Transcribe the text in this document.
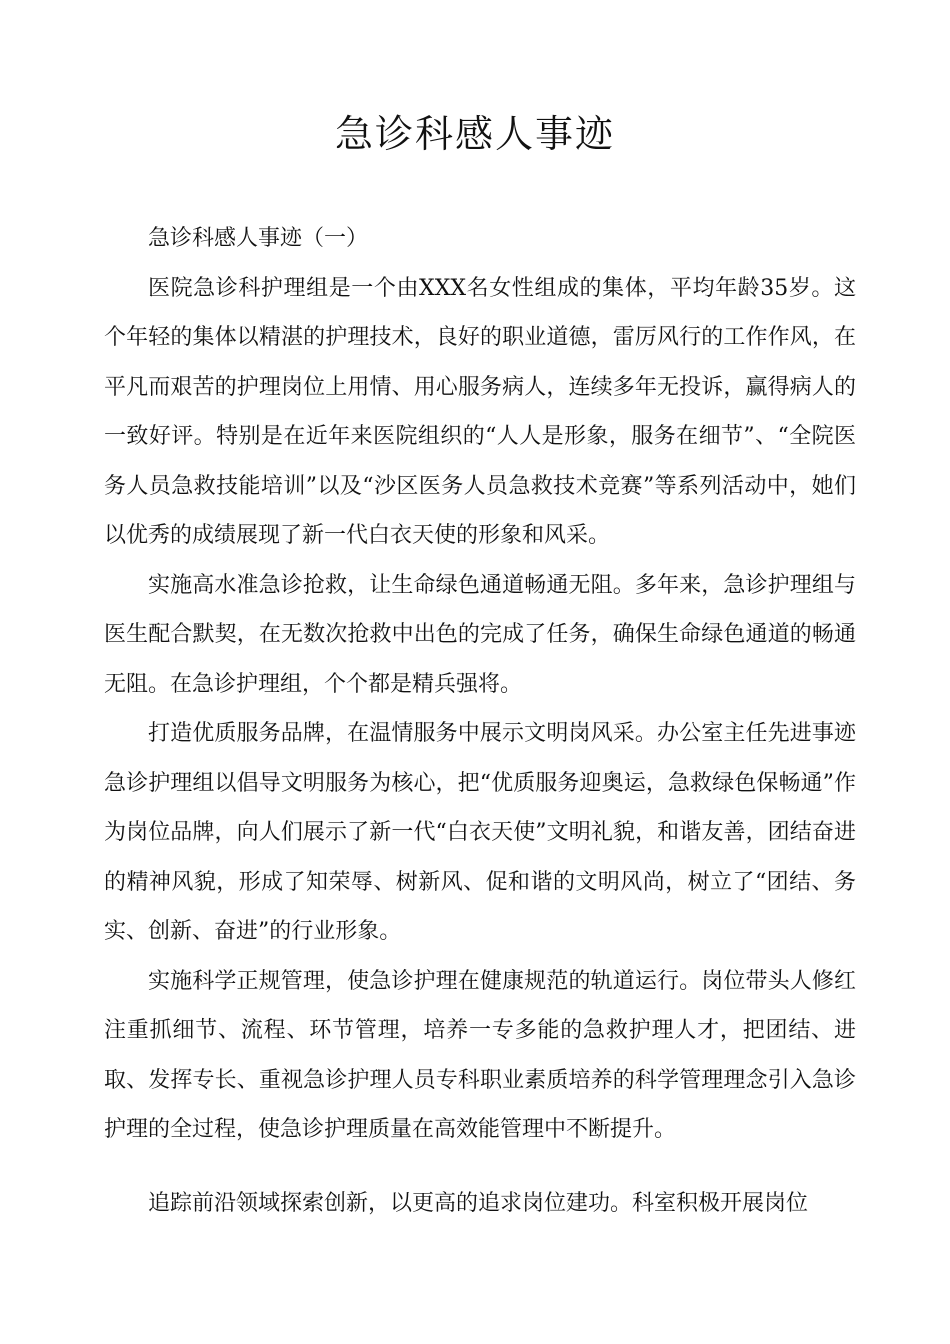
急诊科感人事迹

急诊科感人事迹（一）

医院急诊科护理组是一个由XXX名女性组成的集体，平均年龄35岁。这个年轻的集体以精湛的护理技术，良好的职业道德，雷厉风行的工作作风，在平凡而艰苦的护理岗位上用情、用心服务病人，连续多年无投诉，赢得病人的一致好评。特别是在近年来医院组织的“人人是形象，服务在细节”、“全院医务人员急救技能培训”以及“沙区医务人员急救技术竞赛”等系列活动中，她们以优秀的成绩展现了新一代白衣天使的形象和风采。

实施高水准急诊抢救，让生命绿色通道畅通无阻。多年来，急诊护理组与医生配合默契，在无数次抢救中出色的完成了任务，确保生命绿色通道的畅通无阻。在急诊护理组，个个都是精兵强将。

打造优质服务品牌，在温情服务中展示文明岗风采。办公室主任先进事迹急诊护理组以倡导文明服务为核心，把“优质服务迎奥运，急救绿色保畅通”作为岗位品牌，向人们展示了新一代“白衣天使”文明礼貌，和谐友善，团结奋进的精神风貌，形成了知荣辱、树新风、促和谐的文明风尚，树立了“团结、务实、创新、奋进”的行业形象。

实施科学正规管理，使急诊护理在健康规范的轨道运行。岗位带头人修红注重抓细节、流程、环节管理，培养一专多能的急救护理人才，把团结、进取、发挥专长、重视急诊护理人员专科职业素质培养的科学管理理念引入急诊护理的全过程，使急诊护理质量在高效能管理中不断提升。

追踪前沿领域探索创新，以更高的追求岗位建功。科室积极开展岗位
